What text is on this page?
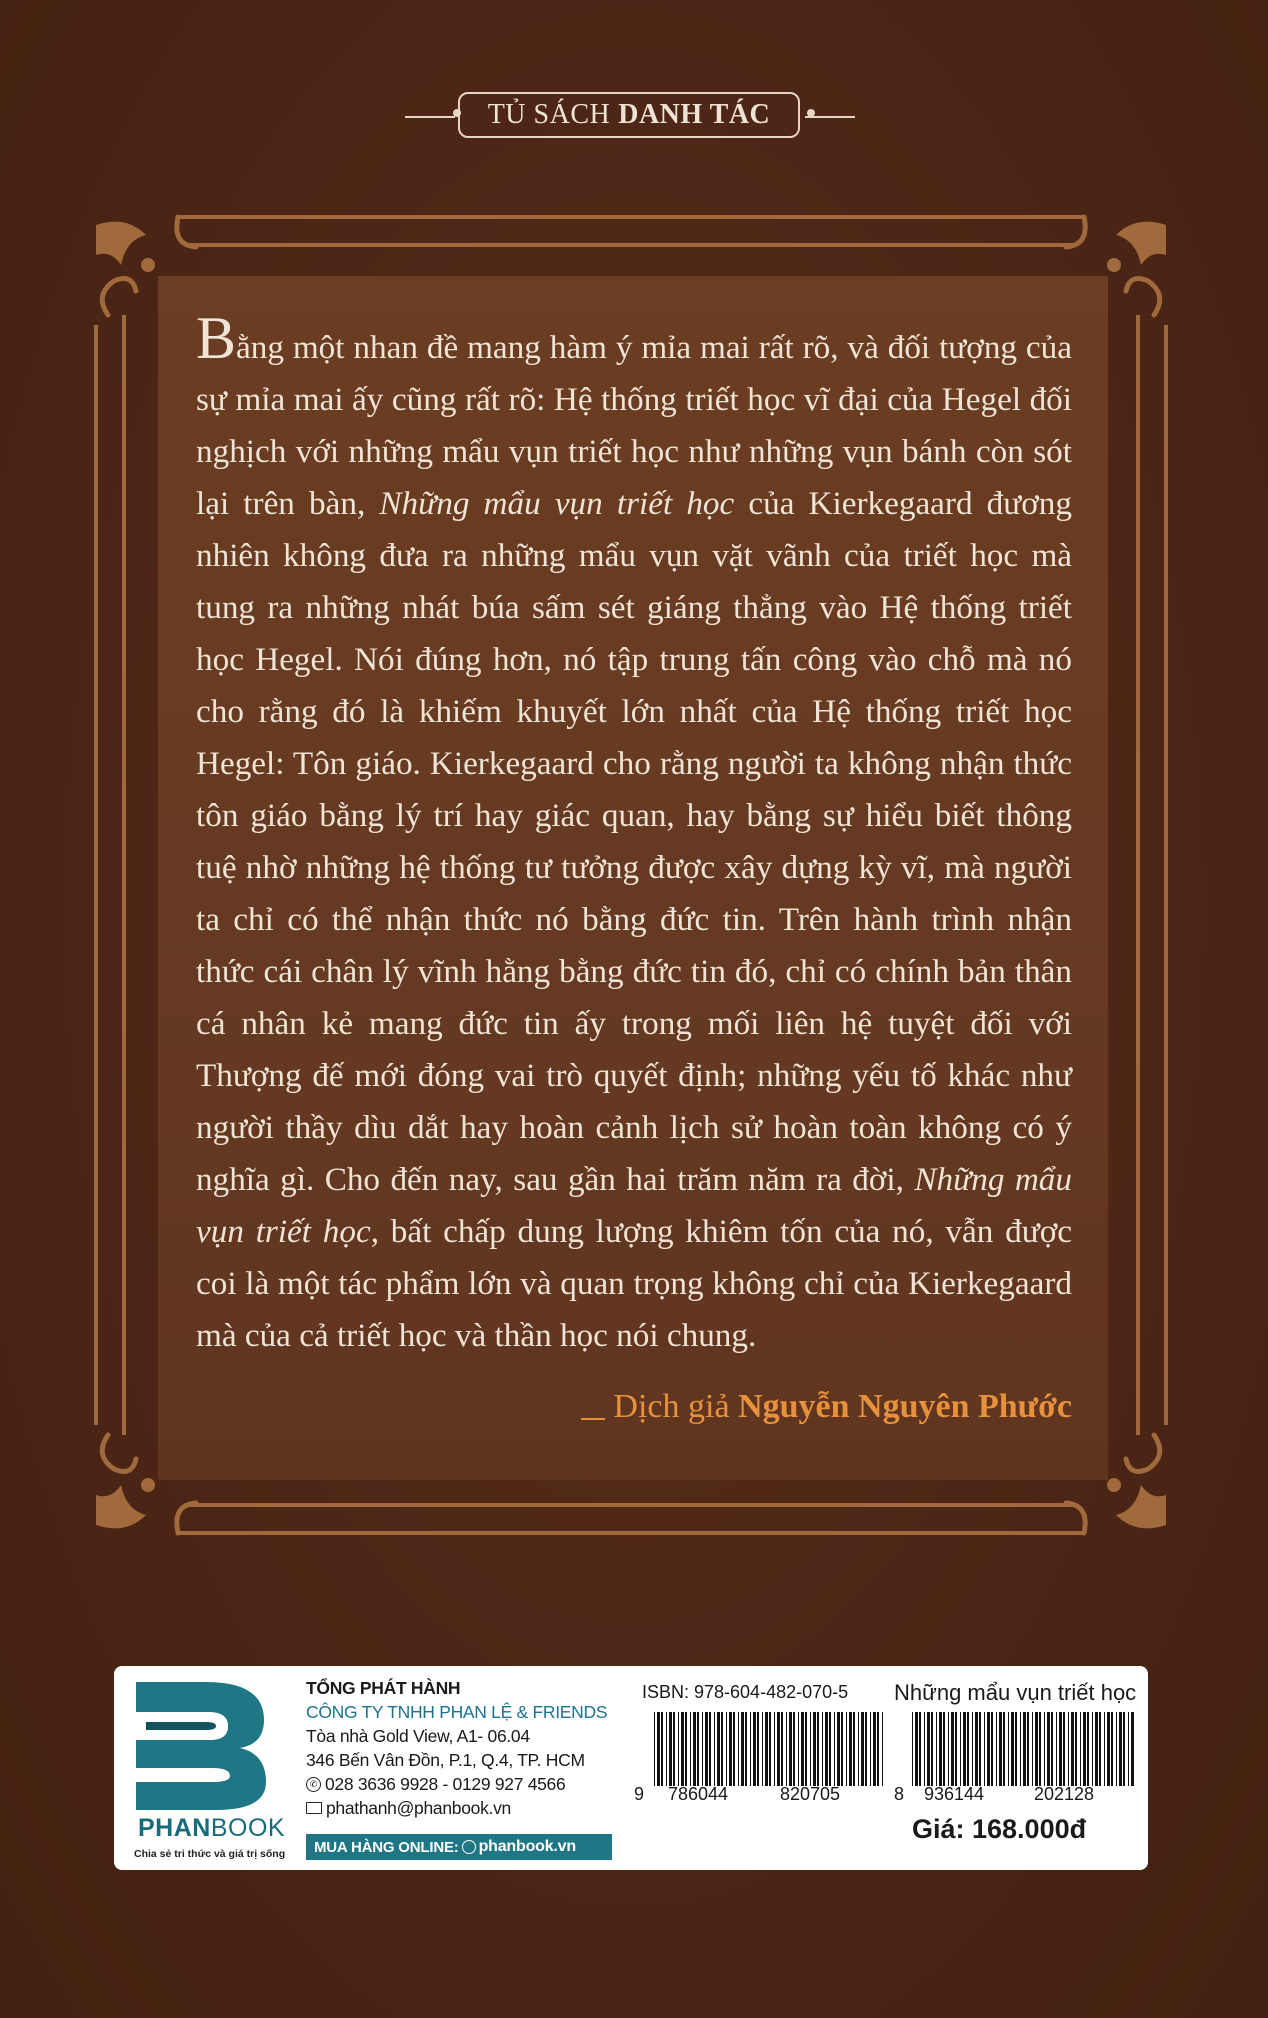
TỦ SÁCH DANH TÁC

Bằng một nhan đề mang hàm ý mỉa mai rất rõ, và đối tượng của sự mỉa mai ấy cũng rất rõ: Hệ thống triết học vĩ đại của Hegel đối nghịch với những mẩu vụn triết học như những vụn bánh còn sót lại trên bàn, Những mẩu vụn triết học của Kierkegaard đương nhiên không đưa ra những mẩu vụn vặt vãnh của triết học mà tung ra những nhát búa sấm sét giáng thẳng vào Hệ thống triết học Hegel. Nói đúng hơn, nó tập trung tấn công vào chỗ mà nó cho rằng đó là khiếm khuyết lớn nhất của Hệ thống triết học Hegel: Tôn giáo. Kierkegaard cho rằng người ta không nhận thức tôn giáo bằng lý trí hay giác quan, hay bằng sự hiểu biết thông tuệ nhờ những hệ thống tư tưởng được xây dựng kỳ vĩ, mà người ta chỉ có thể nhận thức nó bằng đức tin. Trên hành trình nhận thức cái chân lý vĩnh hằng bằng đức tin đó, chỉ có chính bản thân cá nhân kẻ mang đức tin ấy trong mối liên hệ tuyệt đối với Thượng đế mới đóng vai trò quyết định; những yếu tố khác như người thầy dìu dắt hay hoàn cảnh lịch sử hoàn toàn không có ý nghĩa gì. Cho đến nay, sau gần hai trăm năm ra đời, Những mẩu vụn triết học, bất chấp dung lượng khiêm tốn của nó, vẫn được coi là một tác phẩm lớn và quan trọng không chỉ của Kierkegaard mà của cả triết học và thần học nói chung.

Dịch giả Nguyễn Nguyên Phước
PHANBOOK
Chia sẻ tri thức và giá trị sống
TỔNG PHÁT HÀNH
CÔNG TY TNHH PHAN LỆ & FRIENDS
Tòa nhà Gold View, A1- 06.04
346 Bến Vân Đồn, P.1, Q.4, TP. HCM
✆ 028 3636 9928 - 0129 927 4566
phathanh@phanbook.vn
MUA HÀNG ONLINE: phanbook.vn
ISBN: 978-604-482-070-5 Những mẩu vụn triết học
9 786044	820705	8 936144	202128
Giá: 168.000đ
